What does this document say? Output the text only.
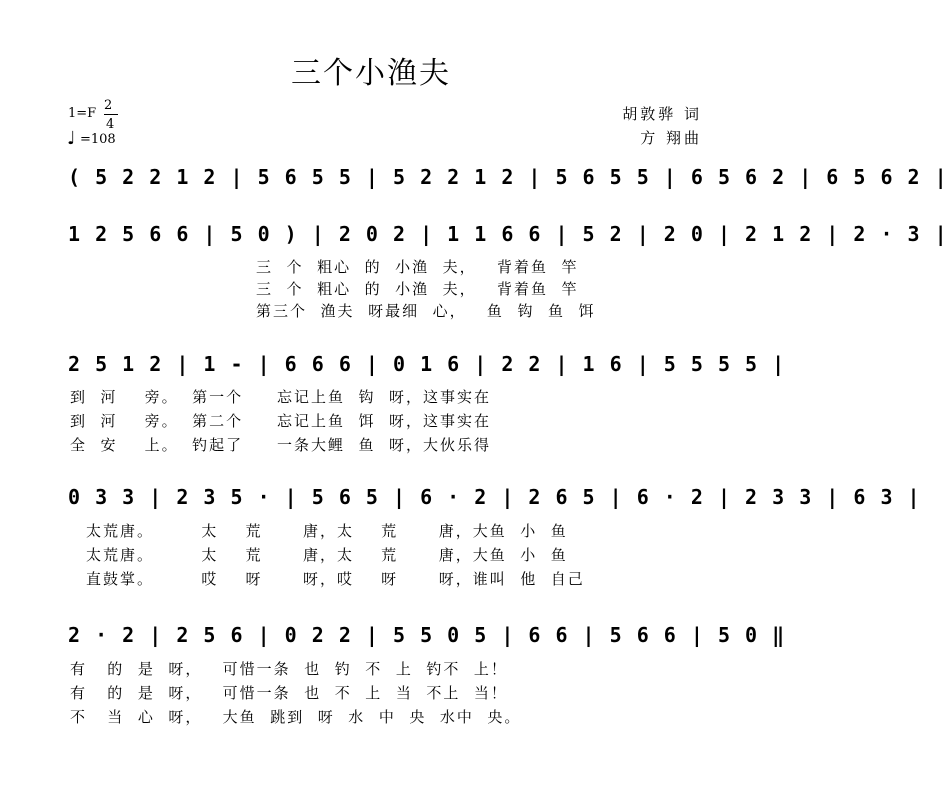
三个小渔夫
1=F
2
4
♩ =108
胡敦骅 词
方 翔曲
( 5 2 2 1 2 | 5 6 5 5 | 5 2 2 1 2 | 5 6 5 5 | 6 5 6 2 | 6 5 6 2 |
1 2 5 6 6 | 5 0 ) | 2 0 2 | 1 1 6 6 | 5 2 | 2 0 | 2 1 2 | 2 · 3 |
三  个  粗心  的  小渔  夫，   背着鱼  竿
三  个  粗心  的  小渔  夫，   背着鱼  竿
第三个  渔夫  呀最细  心，   鱼  钩  鱼  饵
2 5 1 2 | 1 - | 6 6 6 | 0 1 6 | 2 2 | 1 6 | 5 5 5 5 |
到  河    旁。  第一个     忘记上鱼  钩  呀，这事实在
到  河    旁。  第二个     忘记上鱼  饵  呀，这事实在
全  安    上。  钓起了     一条大鲤  鱼  呀，大伙乐得
0 3 3 | 2 3 5 · | 5 6 5 | 6 · 2 | 2 6 5 | 6 · 2 | 2 3 3 | 6 3 |
太荒唐。       太    荒      唐，太    荒      唐，大鱼  小  鱼
太荒唐。       太    荒      唐，太    荒      唐，大鱼  小  鱼
直鼓掌。       哎    呀      呀，哎    呀      呀，谁叫  他  自己
2 · 2 | 2 5 6 | 0 2 2 | 5 5 0 5 | 6 6 | 5 6 6 | 5 0 ‖
有   的  是  呀，   可惜一条  也  钓  不  上  钓不  上！
有   的  是  呀，   可惜一条  也  不  上  当  不上  当！
不   当  心  呀，   大鱼  跳到  呀  水  中  央  水中  央。
